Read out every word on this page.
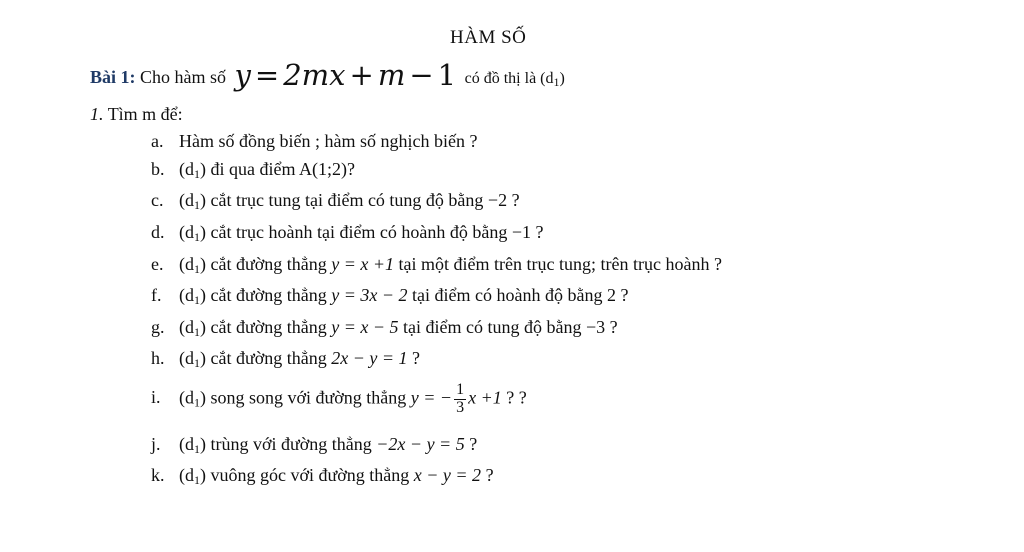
HÀM SỐ
Bài 1: Cho hàm số y = 2mx + m − 1 có đồ thị là $(d_1)$
1. Tìm m để:
a. Hàm số đồng biến ; hàm số nghịch biến ?
b. $(d_1)$ đi qua điểm A(1;2)?
c. $(d_1)$ cắt trục tung tại điểm có tung độ bằng −2 ?
d. $(d_1)$ cắt trục hoành tại điểm có hoành độ bằng −1 ?
e. $(d_1)$ cắt đường thẳng y = x +1 tại một điểm trên trục tung; trên trục hoành ?
f. $(d_1)$ cắt đường thẳng y = 3x − 2 tại điểm có hoành độ bằng 2 ?
g. $(d_1)$ cắt đường thẳng y = x − 5 tại điểm có tung độ bằng −3 ?
h. $(d_1)$ cắt đường thẳng 2x − y = 1 ?
i. $(d_1)$ song song với đường thẳng y = − $\frac{1}{3}$ x +1 ? ?
j. $(d_1)$ trùng với đường thẳng −2x − y = 5 ?
k. $(d_1)$ vuông góc với đường thẳng x − y = 2 ?
